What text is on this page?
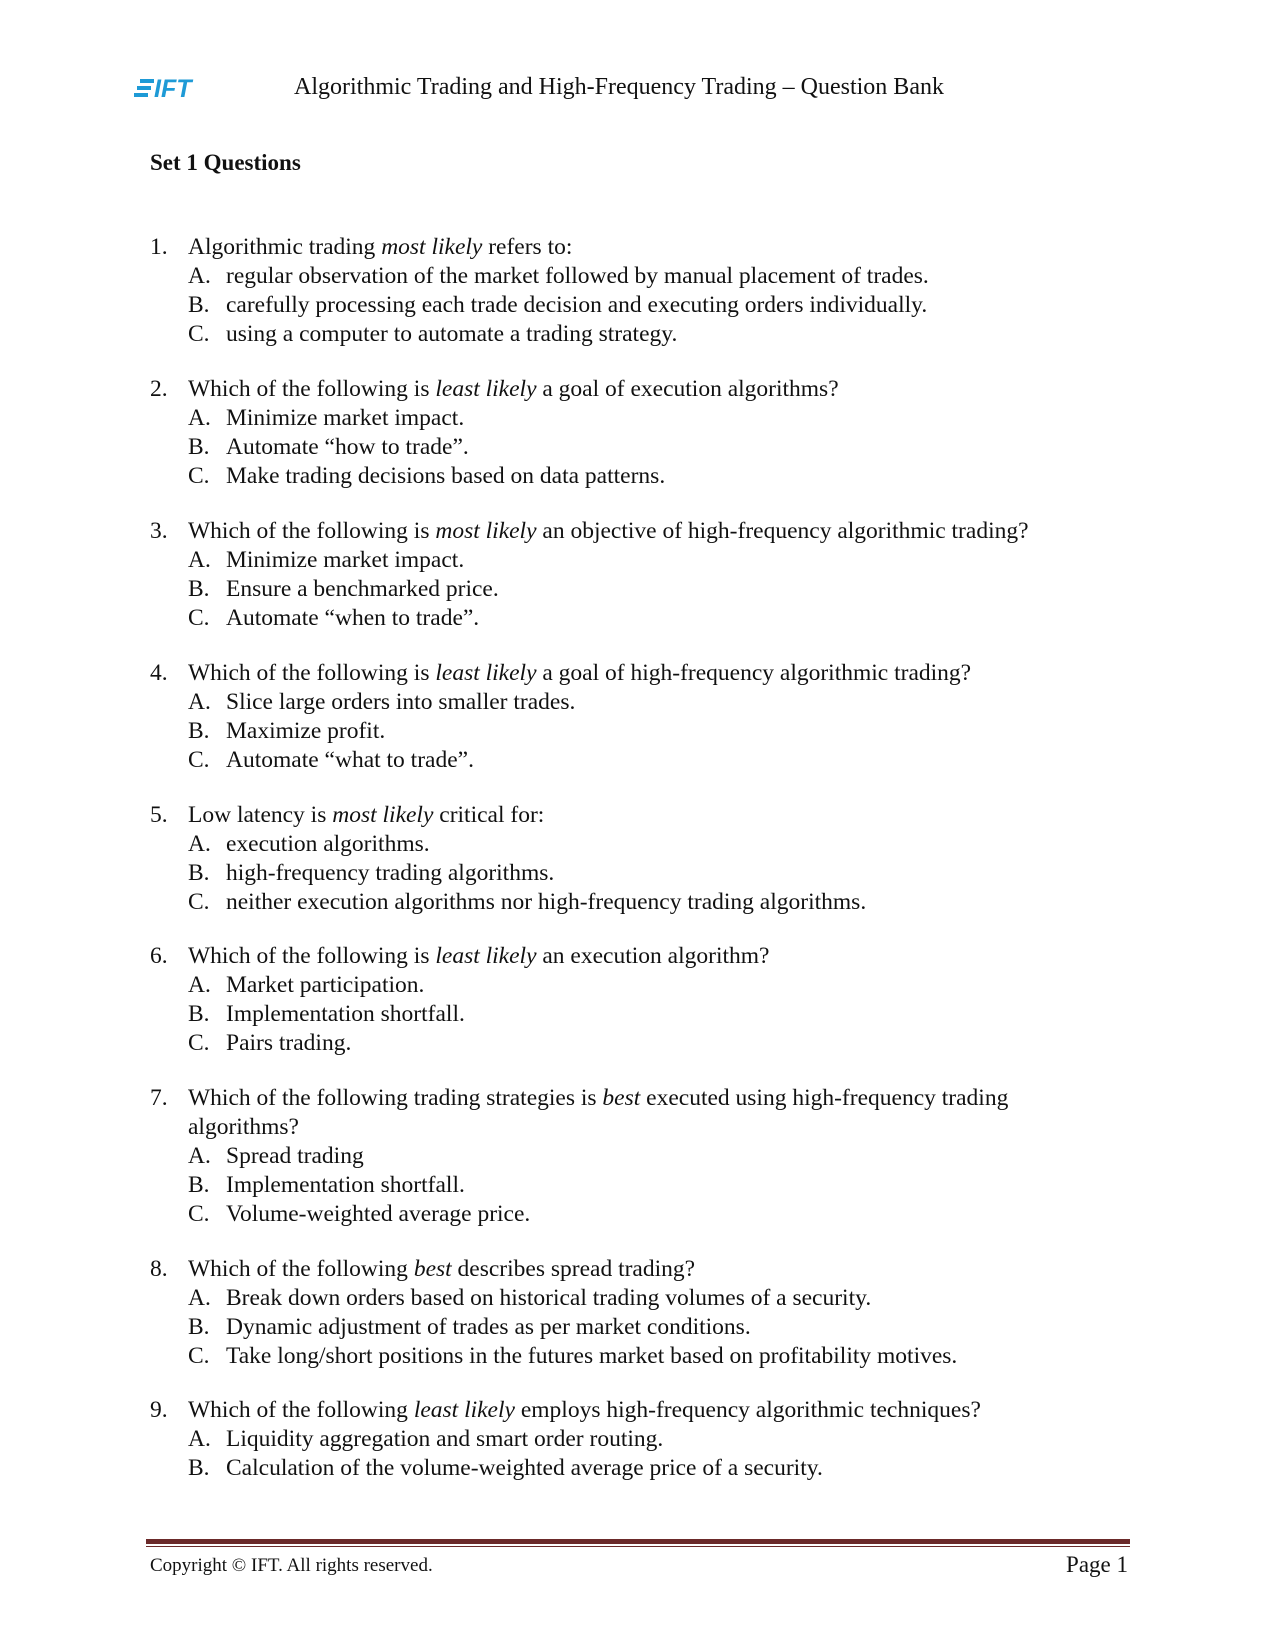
IFT	Algorithmic Trading and High-Frequency Trading – Question Bank
Set 1 Questions
1. Algorithmic trading most likely refers to:
A. regular observation of the market followed by manual placement of trades.
B. carefully processing each trade decision and executing orders individually.
C. using a computer to automate a trading strategy.
2. Which of the following is least likely a goal of execution algorithms?
A. Minimize market impact.
B. Automate “how to trade”.
C. Make trading decisions based on data patterns.
3. Which of the following is most likely an objective of high-frequency algorithmic trading?
A. Minimize market impact.
B. Ensure a benchmarked price.
C. Automate “when to trade”.
4. Which of the following is least likely a goal of high-frequency algorithmic trading?
A. Slice large orders into smaller trades.
B. Maximize profit.
C. Automate “what to trade”.
5. Low latency is most likely critical for:
A. execution algorithms.
B. high-frequency trading algorithms.
C. neither execution algorithms nor high-frequency trading algorithms.
6. Which of the following is least likely an execution algorithm?
A. Market participation.
B. Implementation shortfall.
C. Pairs trading.
7. Which of the following trading strategies is best executed using high-frequency trading algorithms?
A. Spread trading
B. Implementation shortfall.
C. Volume-weighted average price.
8. Which of the following best describes spread trading?
A. Break down orders based on historical trading volumes of a security.
B. Dynamic adjustment of trades as per market conditions.
C. Take long/short positions in the futures market based on profitability motives.
9. Which of the following least likely employs high-frequency algorithmic techniques?
A. Liquidity aggregation and smart order routing.
B. Calculation of the volume-weighted average price of a security.
Copyright © IFT. All rights reserved.	Page 1
